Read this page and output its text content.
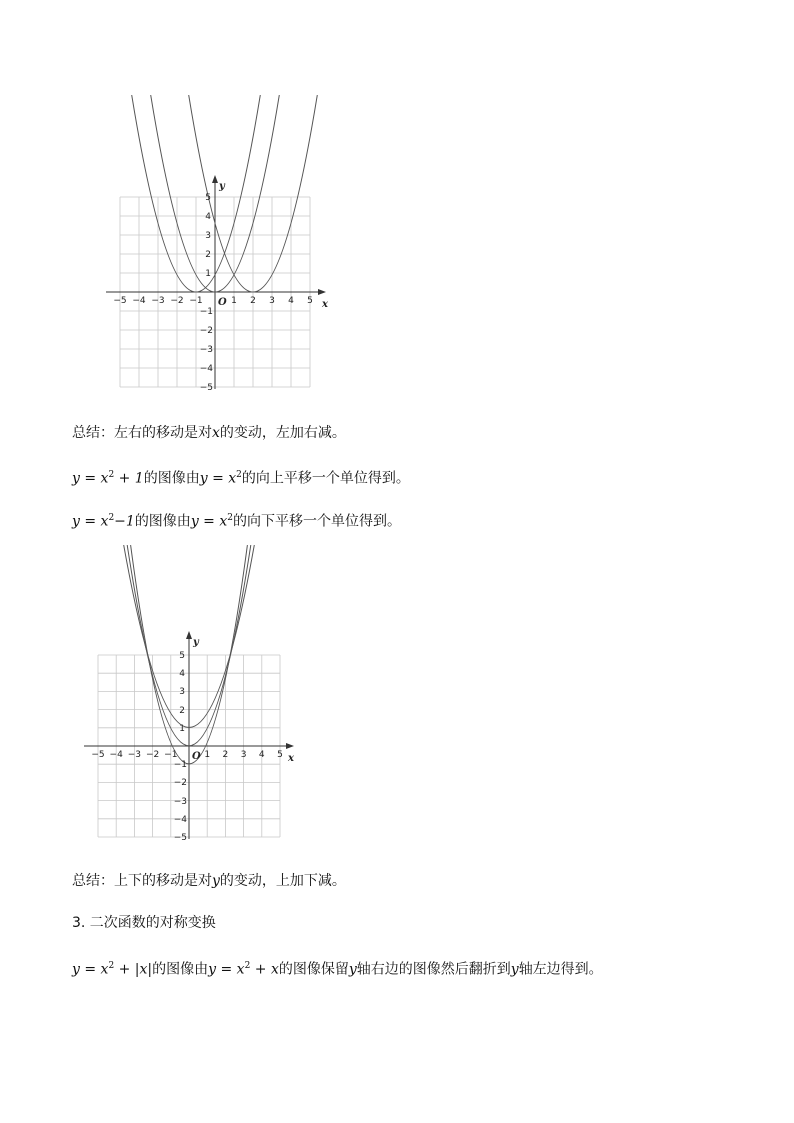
−5 −4 −3 −2 −1	1 2 3 4 5
5
4
3
2
1
−1
−2
−3
−4
−5
x
y
O
总结：左右的移动是对x的变动，左加右减。
$y = x^2 + 1$的图像由$y = x^2$的向上平移一个单位得到。
$y = x^2-1$的图像由$y = x^2$的向下平移一个单位得到。
−5 −4 −3 −2 −1	1 2 3 4 5
5
4
3
2
1
−1
−2
−3
−4
−5
x
y
O
总结：上下的移动是对y的变动，上加下减。
3. 二次函数的对称变换
$y = x^2 + |x|$的图像由$y = x^2 + x$的图像保留y轴右边的图像然后翻折到y轴左边得到。
